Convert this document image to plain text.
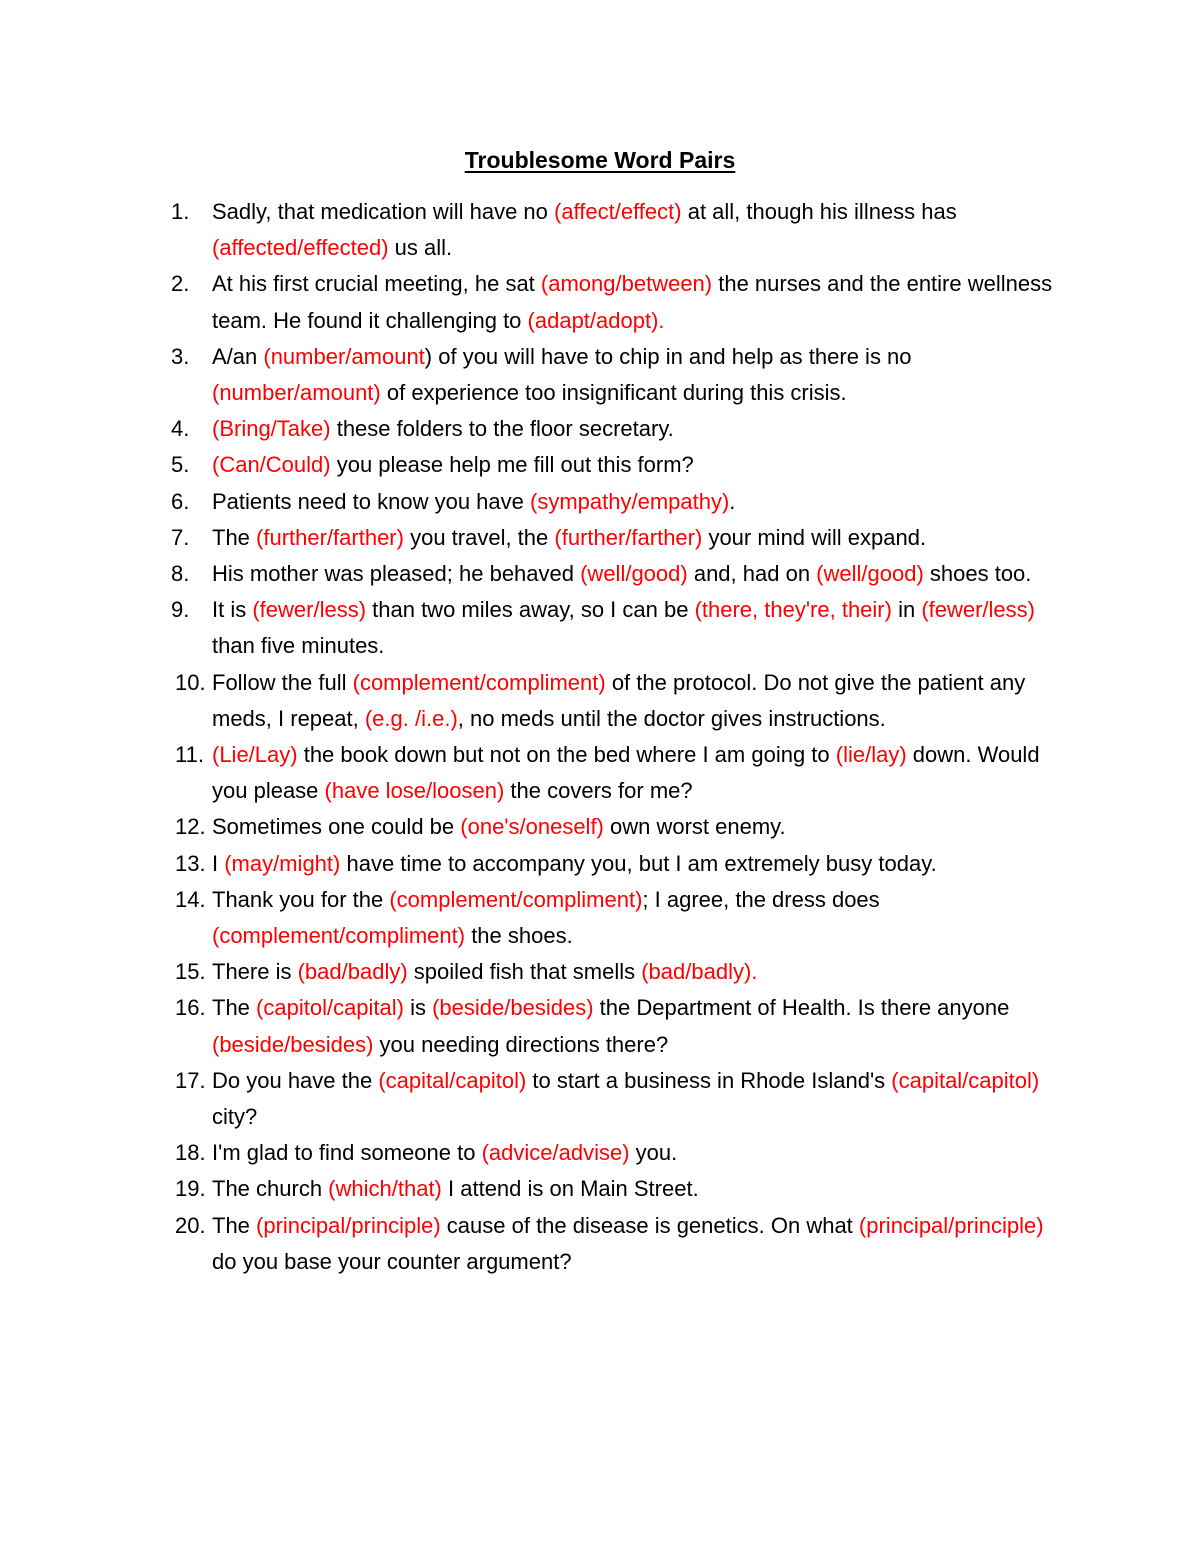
Troublesome Word Pairs
1. Sadly, that medication will have no (affect/effect) at all, though his illness has (affected/effected) us all.
2. At his first crucial meeting, he sat (among/between) the nurses and the entire wellness team. He found it challenging to (adapt/adopt).
3. A/an (number/amount) of you will have to chip in and help as there is no (number/amount) of experience too insignificant during this crisis.
4. (Bring/Take) these folders to the floor secretary.
5. (Can/Could) you please help me fill out this form?
6. Patients need to know you have (sympathy/empathy).
7. The (further/farther) you travel, the (further/farther) your mind will expand.
8. His mother was pleased; he behaved (well/good) and, had on (well/good) shoes too.
9. It is (fewer/less) than two miles away, so I can be (there, they're, their) in (fewer/less) than five minutes.
10. Follow the full (complement/compliment) of the protocol. Do not give the patient any meds, I repeat, (e.g. /i.e.), no meds until the doctor gives instructions.
11. (Lie/Lay) the book down but not on the bed where I am going to (lie/lay) down. Would you please (have lose/loosen) the covers for me?
12. Sometimes one could be (one's/oneself) own worst enemy.
13. I (may/might) have time to accompany you, but I am extremely busy today.
14. Thank you for the (complement/compliment); I agree, the dress does (complement/compliment) the shoes.
15. There is (bad/badly) spoiled fish that smells (bad/badly).
16. The (capitol/capital) is (beside/besides) the Department of Health. Is there anyone (beside/besides) you needing directions there?
17. Do you have the (capital/capitol) to start a business in Rhode Island's (capital/capitol) city?
18. I'm glad to find someone to (advice/advise) you.
19. The church (which/that) I attend is on Main Street.
20. The (principal/principle) cause of the disease is genetics. On what (principal/principle) do you base your counter argument?
